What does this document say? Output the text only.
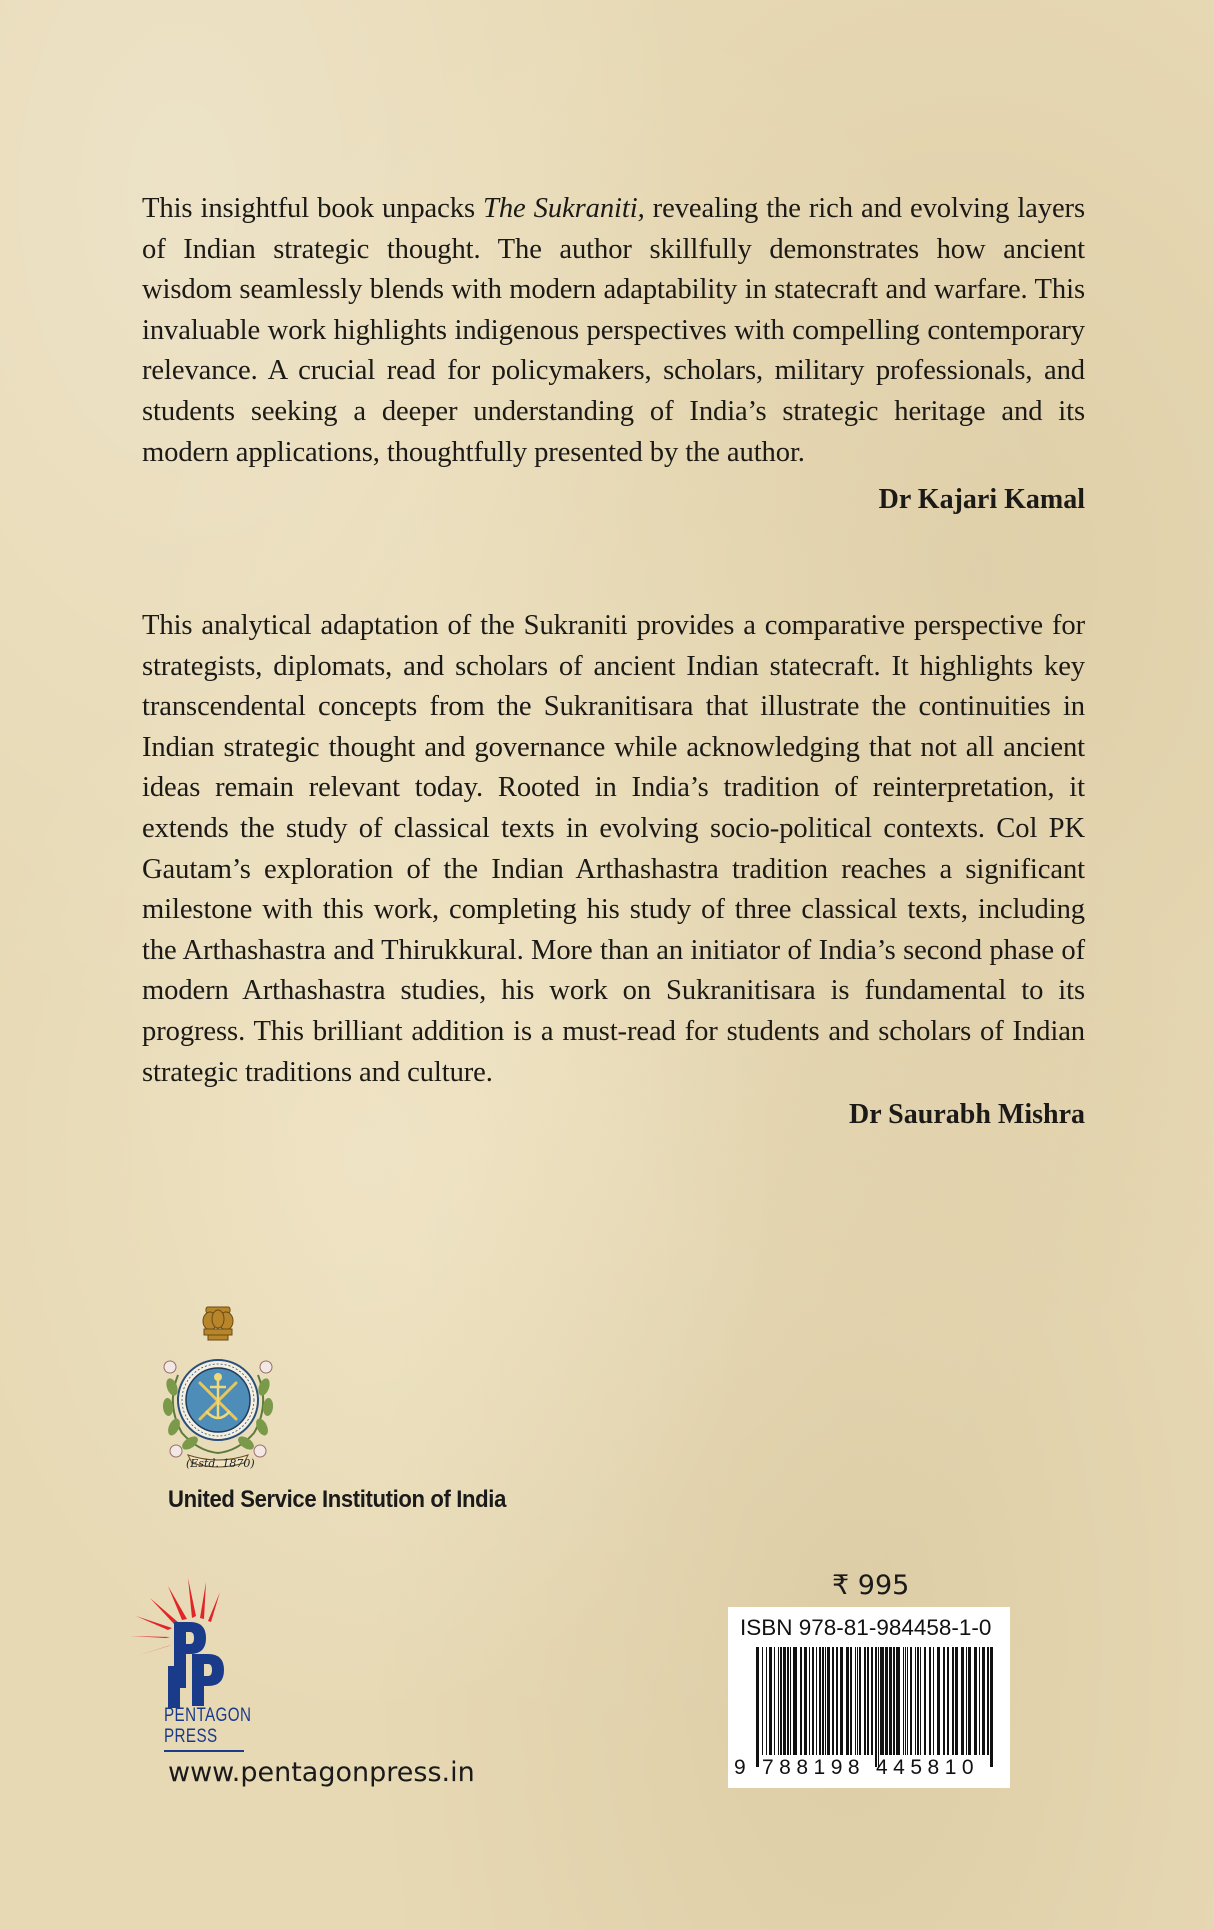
This insightful book unpacks The Sukraniti, revealing the rich and evolving layers of Indian strategic thought. The author skillfully demonstrates how ancient wisdom seamlessly blends with modern adaptability in statecraft and warfare. This invaluable work highlights indigenous perspectives with compelling contemporary relevance. A crucial read for policymakers, scholars, military professionals, and students seeking a deeper understanding of India’s strategic heritage and its modern applications, thoughtfully presented by the author.

Dr Kajari Kamal

This analytical adaptation of the Sukraniti provides a comparative perspective for strategists, diplomats, and scholars of ancient Indian statecraft. It highlights key transcendental concepts from the Sukranitisara that illustrate the continuities in Indian strategic thought and governance while acknowledging that not all ancient ideas remain relevant today. Rooted in India’s tradition of reinterpretation, it extends the study of classical texts in evolving socio-political contexts. Col PK Gautam’s exploration of the Indian Arthashastra tradition reaches a significant milestone with this work, completing his study of three classical texts, including the Arthashastra and Thirukkural. More than an initiator of India’s second phase of modern Arthashastra studies, his work on Sukranitisara is fundamental to its progress. This brilliant addition is a must-read for students and scholars of Indian strategic traditions and culture.

Dr Saurabh Mishra

(Estd. 1870)
United Service Institution of India
PENTAGON
PRESS
www.pentagonpress.in
₹ 995
ISBN 978-81-984458-1-0
9 788198 445810
